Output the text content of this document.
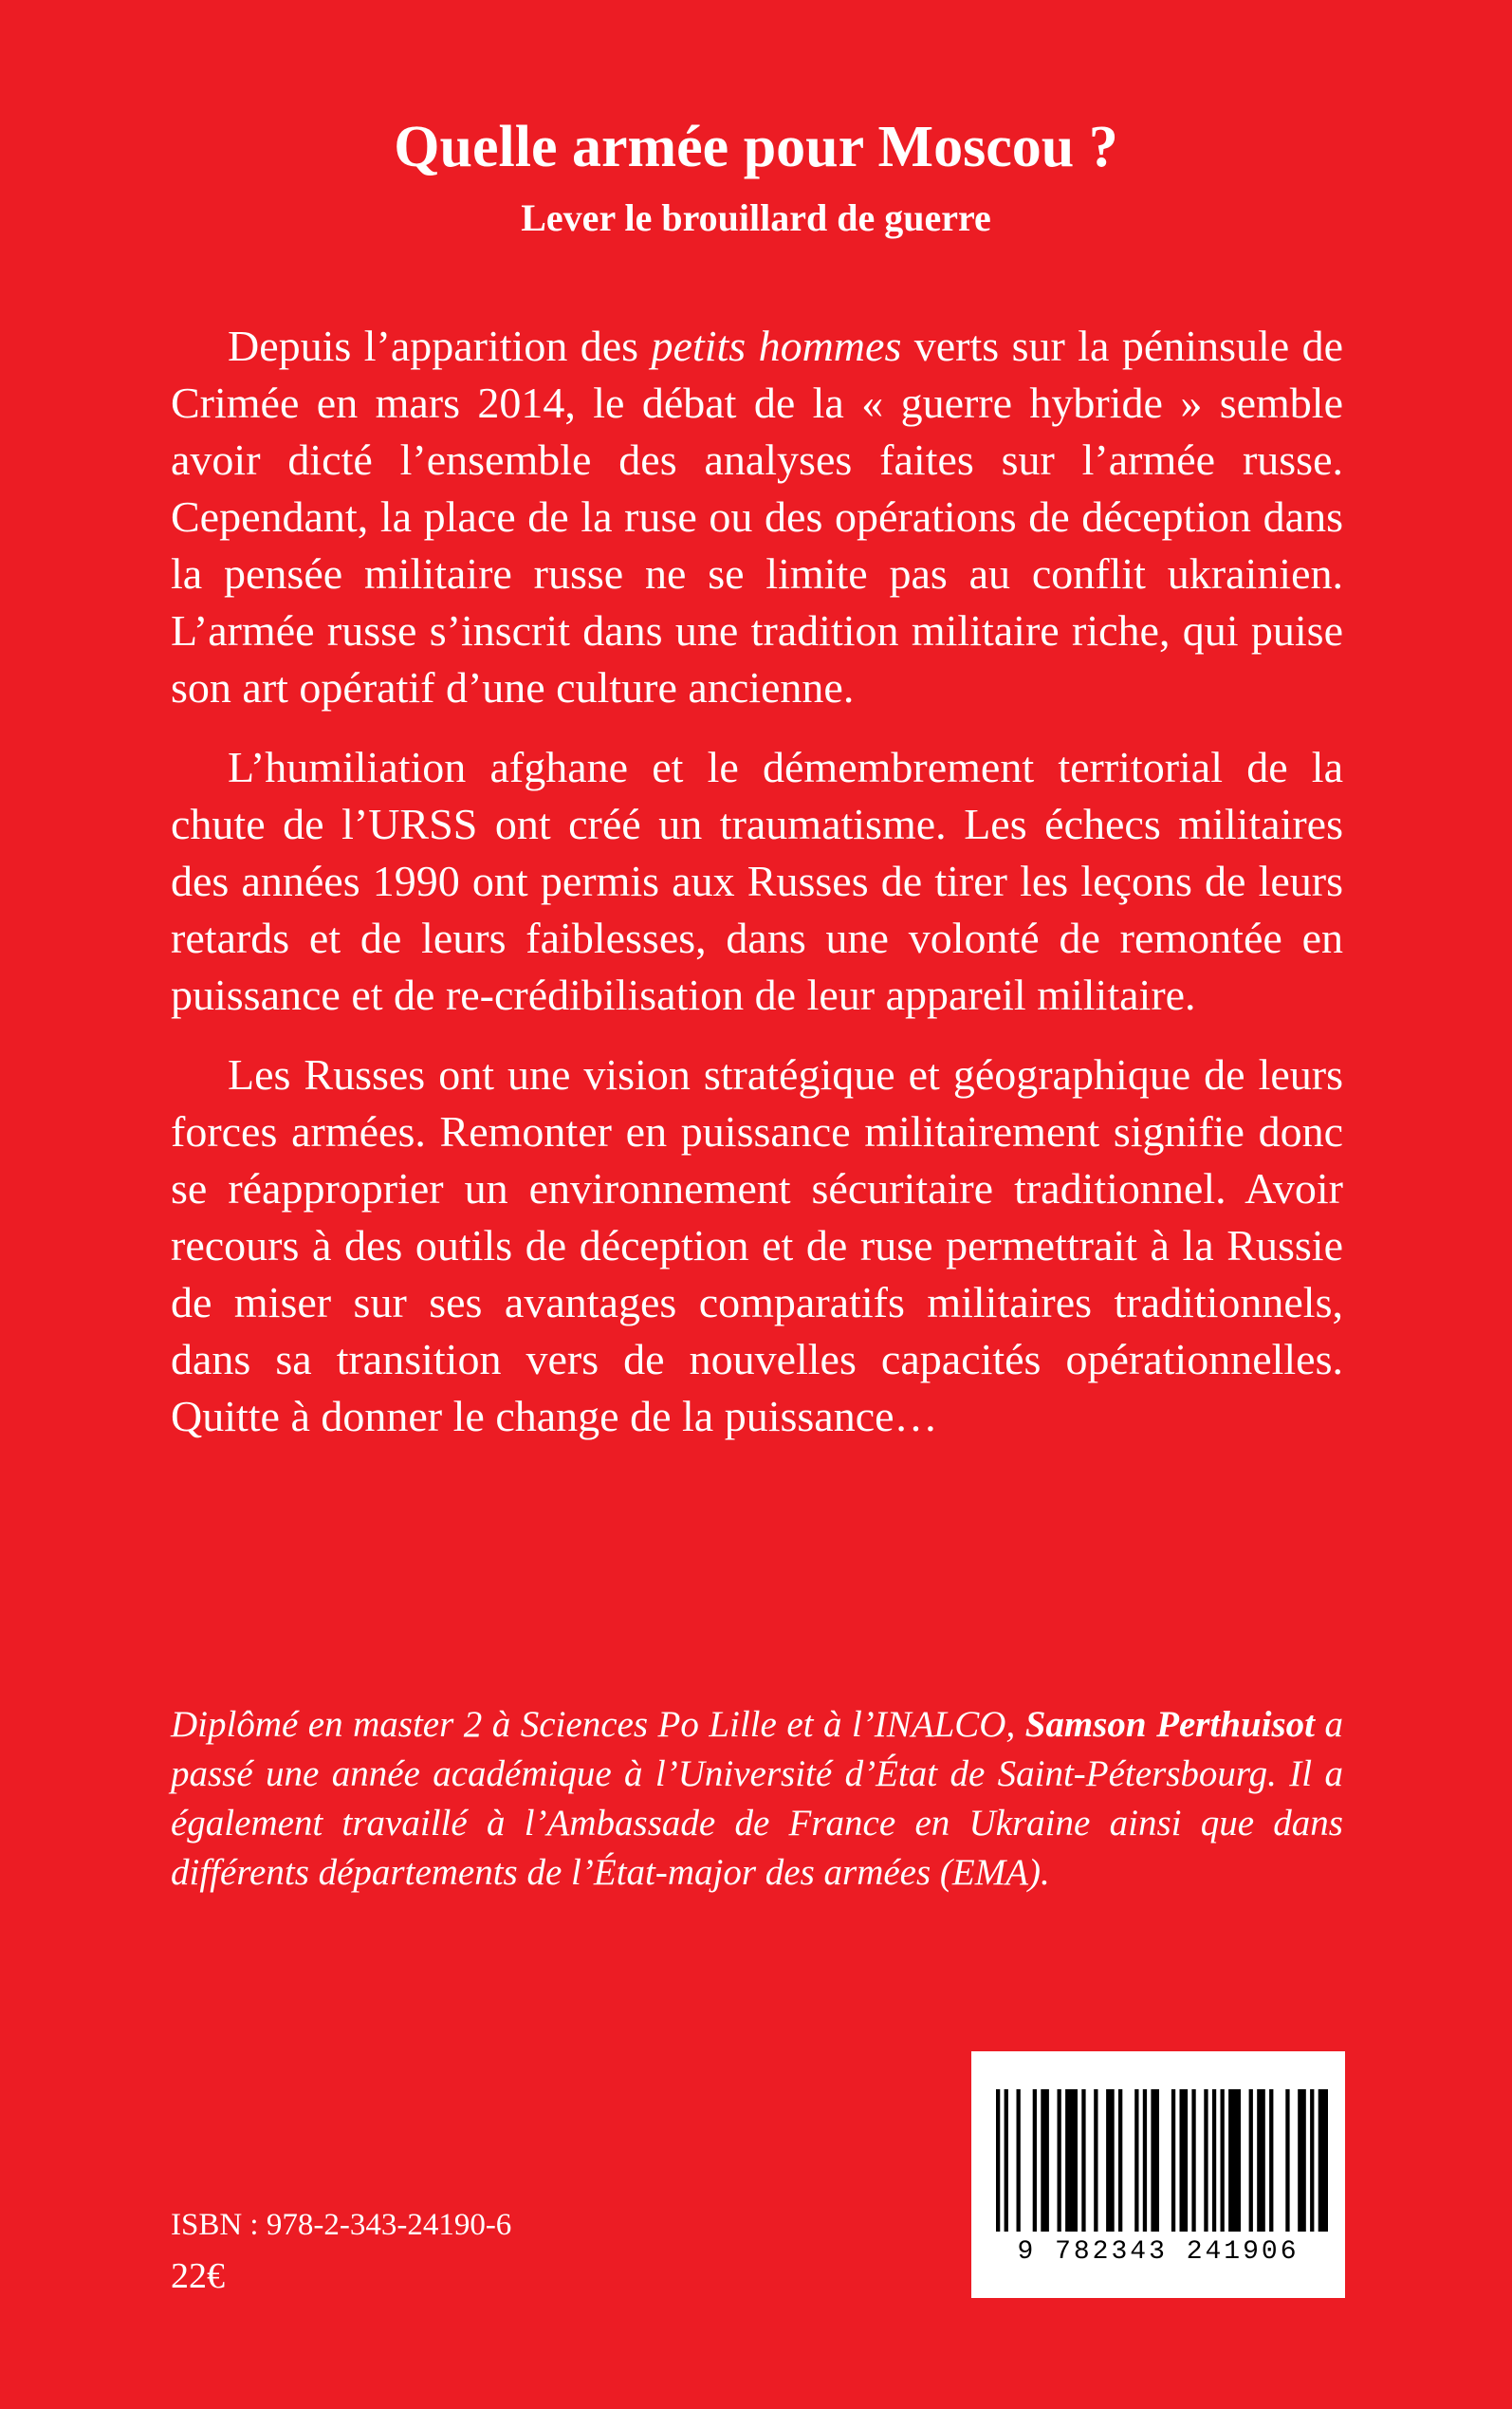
Quelle armée pour Moscou ?
Lever le brouillard de guerre

Depuis l’apparition des petits hommes verts sur la péninsule de Crimée en mars 2014, le débat de la « guerre hybride » semble avoir dicté l’ensemble des analyses faites sur l’armée russe. Cependant, la place de la ruse ou des opérations de déception dans la pensée militaire russe ne se limite pas au conflit ukrainien. L’armée russe s’inscrit dans une tradition militaire riche, qui puise son art opératif d’une culture ancienne.

L’humiliation afghane et le démembrement territorial de la chute de l’URSS ont créé un traumatisme. Les échecs militaires des années 1990 ont permis aux Russes de tirer les leçons de leurs retards et de leurs faiblesses, dans une volonté de remontée en puissance et de re-crédibilisation de leur appareil militaire.

Les Russes ont une vision stratégique et géographique de leurs forces armées. Remonter en puissance militairement signifie donc se réapproprier un environnement sécuritaire traditionnel. Avoir recours à des outils de déception et de ruse permettrait à la Russie de miser sur ses avantages comparatifs militaires traditionnels, dans sa transition vers de nouvelles capacités opérationnelles. Quitte à donner le change de la puissance…

Diplômé en master 2 à Sciences Po Lille et à l’INALCO, Samson Perthuisot a passé une année académique à l’Université d’État de Saint-Pétersbourg. Il a également travaillé à l’Ambassade de France en Ukraine ainsi que dans différents départements de l’État-major des armées (EMA).

9 782343 241906

ISBN : 978-2-343-24190-6

22€
